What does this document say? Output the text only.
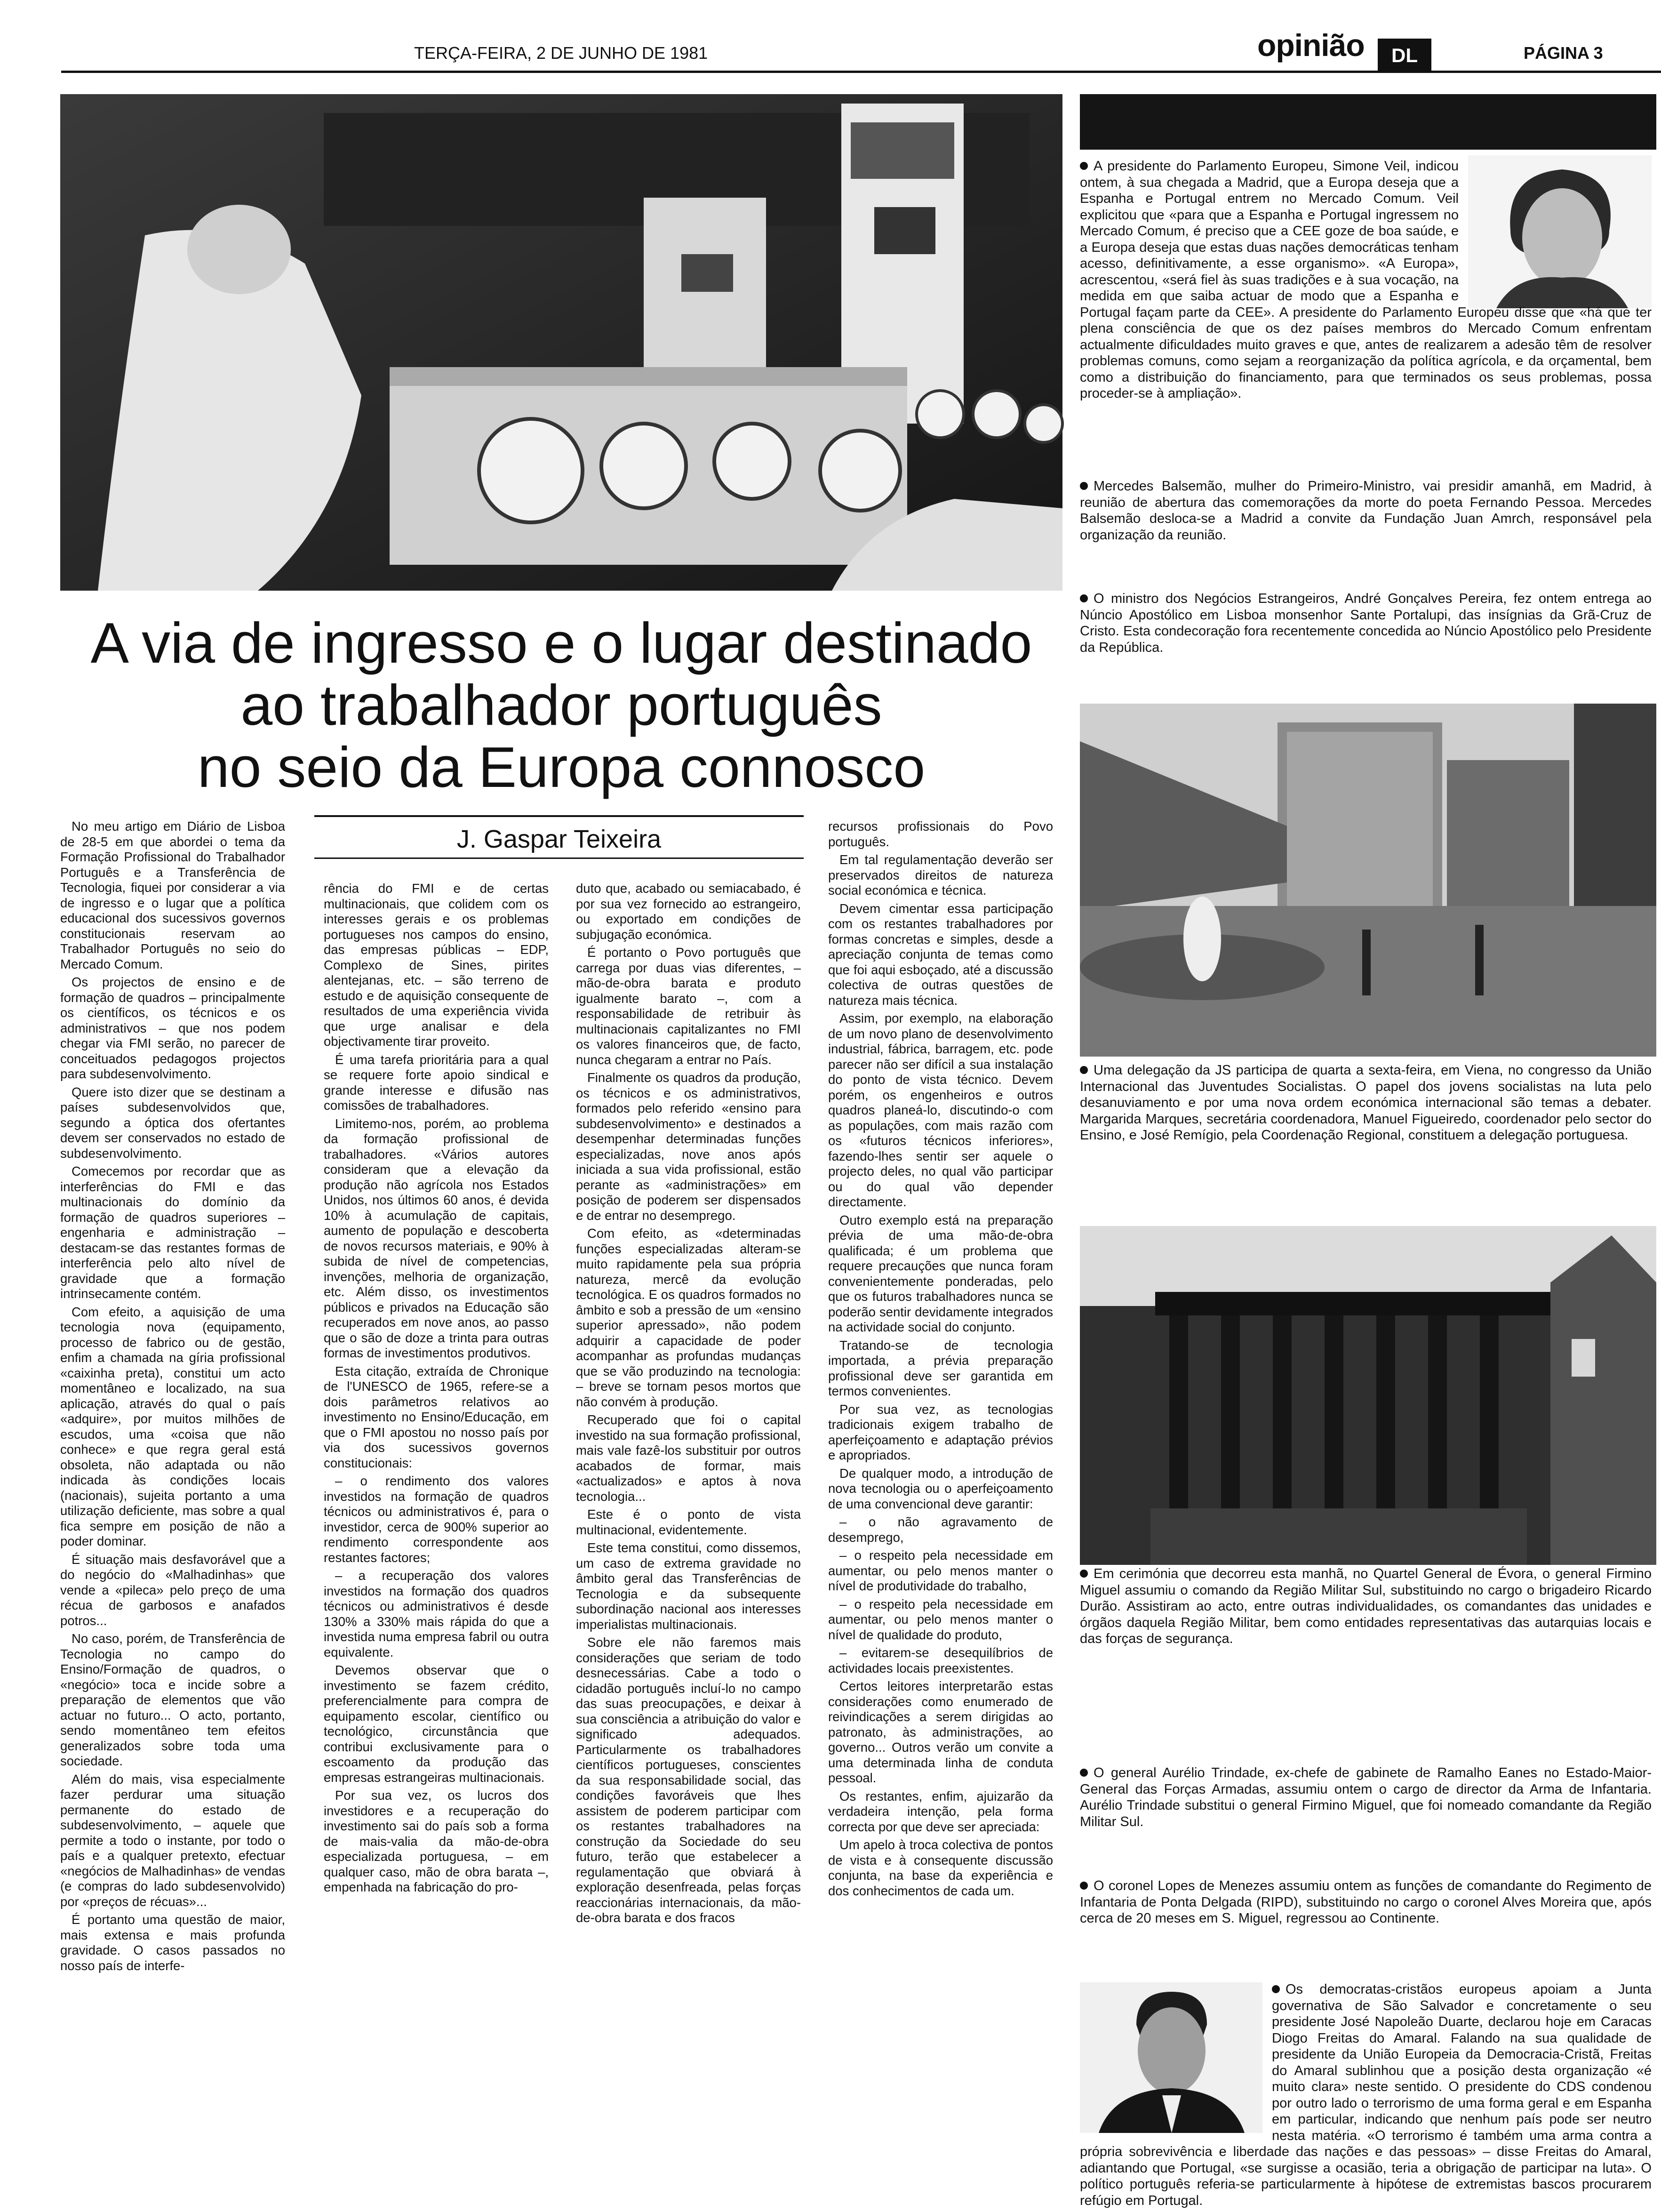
TERÇA-FEIRA, 2 DE JUNHO DE 1981	opinião	DL	PÁGINA 3
A via de ingresso e o lugar destinado
ao trabalhador português
no seio da Europa connosco
J. Gaspar Teixeira

No meu artigo em Diário de Lisboa de 28-5 em que abordei o tema da Formação Profissional do Trabalhador Português e a Transferência de Tecnologia, fiquei por considerar a via de ingresso e o lugar que a política educacional dos sucessivos governos constitucionais reservam ao Trabalhador Português no seio do Mercado Comum.

Os projectos de ensino e de formação de quadros – principalmente os científicos, os técnicos e os administrativos – que nos podem chegar via FMI serão, no parecer de conceituados pedagogos projectos para subdesenvolvimento.

Quere isto dizer que se destinam a países subdesenvolvidos que, segundo a óptica dos ofertantes devem ser conservados no estado de subdesenvolvimento.

Comecemos por recordar que as interferências do FMI e das multinacionais do domínio da formação de quadros superiores – engenharia e administração – destacam-se das restantes formas de interferência pelo alto nível de gravidade que a formação intrinsecamente contém.

Com efeito, a aquisição de uma tecnologia nova (equipamento, processo de fabrico ou de gestão, enfim a chamada na gíria profissional «caixinha preta), constitui um acto momentâneo e localizado, na sua aplicação, através do qual o país «adquire», por muitos milhões de escudos, uma «coisa que não conhece» e que regra geral está obsoleta, não adaptada ou não indicada às condições locais (nacionais), sujeita portanto a uma utilização deficiente, mas sobre a qual fica sempre em posição de não a poder dominar.

É situação mais desfavorável que a do negócio do «Malhadinhas» que vende a «pileca» pelo preço de uma récua de garbosos e anafados potros...

No caso, porém, de Transferência de Tecnologia no campo do Ensino/Formação de quadros, o «negócio» toca e incide sobre a preparação de elementos que vão actuar no futuro... O acto, portanto, sendo momentâneo tem efeitos generalizados sobre toda uma sociedade.

Além do mais, visa especialmente fazer perdurar uma situação permanente do estado de subdesenvolvimento, – aquele que permite a todo o instante, por todo o país e a qualquer pretexto, efectuar «negócios de Malhadinhas» de vendas (e compras do lado subdesenvolvido) por «preços de récuas»...

É portanto uma questão de maior, mais extensa e mais profunda gravidade. O casos passados no nosso país de interfe-

rência do FMI e de certas multinacionais, que colidem com os interesses gerais e os problemas portugueses nos campos do ensino, das empresas públicas – EDP, Complexo de Sines, pirites alentejanas, etc. – são terreno de estudo e de aquisição consequente de resultados de uma experiência vivida que urge analisar e dela objectivamente tirar proveito.

É uma tarefa prioritária para a qual se requere forte apoio sindical e grande interesse e difusão nas comissões de trabalhadores.

Limitemo-nos, porém, ao problema da formação profissional de trabalhadores. «Vários autores consideram que a elevação da produção não agrícola nos Estados Unidos, nos últimos 60 anos, é devida 10% à acumulação de capitais, aumento de população e descoberta de novos recursos materiais, e 90% à subida de nível de competencias, invenções, melhoria de organização, etc. Além disso, os investimentos públicos e privados na Educação são recuperados em nove anos, ao passo que o são de doze a trinta para outras formas de investimentos produtivos.

Esta citação, extraída de Chronique de l'UNESCO de 1965, refere-se a dois parâmetros relativos ao investimento no Ensino/Educação, em que o FMI apostou no nosso país por via dos sucessivos governos constitucionais:

– o rendimento dos valores investidos na formação de quadros técnicos ou administrativos é, para o investidor, cerca de 900% superior ao rendimento correspondente aos restantes factores;

– a recuperação dos valores investidos na formação dos quadros técnicos ou administrativos é desde 130% a 330% mais rápida do que a investida numa empresa fabril ou outra equivalente.

Devemos observar que o investimento se fazem crédito, preferencialmente para compra de equipamento escolar, científico ou tecnológico, circunstância que contribui exclusivamente para o escoamento da produção das empresas estrangeiras multinacionais.

Por sua vez, os lucros dos investidores e a recuperação do investimento sai do país sob a forma de mais-valia da mão-de-obra especializada portuguesa, – em qualquer caso, mão de obra barata –, empenhada na fabricação do pro-

duto que, acabado ou semiacabado, é por sua vez fornecido ao estrangeiro, ou exportado em condições de subjugação económica.

É portanto o Povo português que carrega por duas vias diferentes, – mão-de-obra barata e produto igualmente barato –, com a responsabilidade de retribuir às multinacionais capitalizantes no FMI os valores financeiros que, de facto, nunca chegaram a entrar no País.

Finalmente os quadros da produção, os técnicos e os administrativos, formados pelo referido «ensino para subdesenvolvimento» e destinados a desempenhar determinadas funções especializadas, nove anos após iniciada a sua vida profissional, estão perante as «administrações» em posição de poderem ser dispensados e de entrar no desemprego.

Com efeito, as «determinadas funções especializadas alteram-se muito rapidamente pela sua própria natureza, mercê da evolução tecnológica. E os quadros formados no âmbito e sob a pressão de um «ensino superior apressado», não podem adquirir a capacidade de poder acompanhar as profundas mudanças que se vão produzindo na tecnologia: – breve se tornam pesos mortos que não convém à produção.

Recuperado que foi o capital investido na sua formação profissional, mais vale fazê-los substituir por outros acabados de formar, mais «actualizados» e aptos à nova tecnologia...

Este é o ponto de vista multinacional, evidentemente.

Este tema constitui, como dissemos, um caso de extrema gravidade no âmbito geral das Transferências de Tecnologia e da subsequente subordinação nacional aos interesses imperialistas multinacionais.

Sobre ele não faremos mais considerações que seriam de todo desnecessárias. Cabe a todo o cidadão português incluí-lo no campo das suas preocupações, e deixar à sua consciência a atribuição do valor e significado adequados. Particularmente os trabalhadores científicos portugueses, conscientes da sua responsabilidade social, das condições favoráveis que lhes assistem de poderem participar com os restantes trabalhadores na construção da Sociedade do seu futuro, terão que estabelecer a regulamentação que obviará à exploração desenfreada, pelas forças reaccionárias internacionais, da mão-de-obra barata e dos fracos

recursos profissionais do Povo português.

Em tal regulamentação deverão ser preservados direitos de natureza social económica e técnica.

Devem cimentar essa participação com os restantes trabalhadores por formas concretas e simples, desde a apreciação conjunta de temas como que foi aqui esboçado, até a discussão colectiva de outras questões de natureza mais técnica.

Assim, por exemplo, na elaboração de um novo plano de desenvolvimento industrial, fábrica, barragem, etc. pode parecer não ser difícil a sua instalação do ponto de vista técnico. Devem porém, os engenheiros e outros quadros planeá-lo, discutindo-o com as populações, com mais razão com os «futuros técnicos inferiores», fazendo-lhes sentir ser aquele o projecto deles, no qual vão participar ou do qual vão depender directamente.

Outro exemplo está na preparação prévia de uma mão-de-obra qualificada; é um problema que requere precauções que nunca foram convenientemente ponderadas, pelo que os futuros trabalhadores nunca se poderão sentir devidamente integrados na actividade social do conjunto.

Tratando-se de tecnologia importada, a prévia preparação profissional deve ser garantida em termos convenientes.

Por sua vez, as tecnologias tradicionais exigem trabalho de aperfeiçoamento e adaptação prévios e apropriados.

De qualquer modo, a introdução de nova tecnologia ou o aperfeiçoamento de uma convencional deve garantir:

– o não agravamento de desemprego,

– o respeito pela necessidade em aumentar, ou pelo menos manter o nível de produtividade do trabalho,

– o respeito pela necessidade em aumentar, ou pelo menos manter o nível de qualidade do produto,

– evitarem-se desequilíbrios de actividades locais preexistentes.

Certos leitores interpretarão estas considerações como enumerado de reivindicações a serem dirigidas ao patronato, às administrações, ao governo... Outros verão um convite a uma determinada linha de conduta pessoal.

Os restantes, enfim, ajuizarão da verdadeira intenção, pela forma correcta por que deve ser apreciada:

Um apelo à troca colectiva de pontos de vista e à consequente discussão conjunta, na base da experiência e dos conhecimentos de cada um.

A presidente do Parlamento Europeu, Simone Veil, indicou ontem, à sua chegada a Madrid, que a Europa deseja que a Espanha e Portugal entrem no Mercado Comum. Veil explicitou que «para que a Espanha e Portugal ingressem no Mercado Comum, é preciso que a CEE goze de boa saúde, e a Europa deseja que estas duas nações democráticas tenham acesso, definitivamente, a esse organismo». «A Europa», acrescentou, «será fiel às suas tradições e à sua vocação, na medida em que saiba actuar de modo que a Espanha e Portugal façam parte da CEE». A presidente do Parlamento Europeu disse que «há que ter plena consciência de que os dez países membros do Mercado Comum enfrentam actualmente dificuldades muito graves e que, antes de realizarem a adesão têm de resolver problemas comuns, como sejam a reorganização da política agrícola, e da orçamental, bem como a distribuição do financiamento, para que terminados os seus problemas, possa proceder-se à ampliação».

Mercedes Balsemão, mulher do Primeiro-Ministro, vai presidir amanhã, em Madrid, à reunião de abertura das comemorações da morte do poeta Fernando Pessoa. Mercedes Balsemão desloca-se a Madrid a convite da Fundação Juan Amrch, responsável pela organização da reunião.

O ministro dos Negócios Estrangeiros, André Gonçalves Pereira, fez ontem entrega ao Núncio Apostólico em Lisboa monsenhor Sante Portalupi, das insígnias da Grã-Cruz de Cristo. Esta condecoração fora recentemente concedida ao Núncio Apostólico pelo Presidente da República.

Uma delegação da JS participa de quarta a sexta-feira, em Viena, no congresso da União Internacional das Juventudes Socialistas. O papel dos jovens socialistas na luta pelo desanuviamento e por uma nova ordem económica internacional são temas a debater. Margarida Marques, secretária coordenadora, Manuel Figueiredo, coordenador pelo sector do Ensino, e José Remígio, pela Coordenação Regional, constituem a delegação portuguesa.

Em cerimónia que decorreu esta manhã, no Quartel General de Évora, o general Firmino Miguel assumiu o comando da Região Militar Sul, substituindo no cargo o brigadeiro Ricardo Durão. Assistiram ao acto, entre outras individualidades, os comandantes das unidades e órgãos daquela Região Militar, bem como entidades representativas das autarquias locais e das forças de segurança.

O general Aurélio Trindade, ex-chefe de gabinete de Ramalho Eanes no Estado-Maior-General das Forças Armadas, assumiu ontem o cargo de director da Arma de Infantaria. Aurélio Trindade substitui o general Firmino Miguel, que foi nomeado comandante da Região Militar Sul.

O coronel Lopes de Menezes assumiu ontem as funções de comandante do Regimento de Infantaria de Ponta Delgada (RIPD), substituindo no cargo o coronel Alves Moreira que, após cerca de 20 meses em S. Miguel, regressou ao Continente.

Os democratas-cristãos europeus apoiam a Junta governativa de São Salvador e concretamente o seu presidente José Napoleão Duarte, declarou hoje em Caracas Diogo Freitas do Amaral. Falando na sua qualidade de presidente da União Europeia da Democracia-Cristã, Freitas do Amaral sublinhou que a posição desta organização «é muito clara» neste sentido. O presidente do CDS condenou por outro lado o terrorismo de uma forma geral e em Espanha em particular, indicando que nenhum país pode ser neutro nesta matéria. «O terrorismo é também uma arma contra a própria sobrevivência e liberdade das nações e das pessoas» – disse Freitas do Amaral, adiantando que Portugal, «se surgisse a ocasião, teria a obrigação de participar na luta». O político português referia-se particularmente à hipótese de extremistas bascos procurarem refúgio em Portugal.
